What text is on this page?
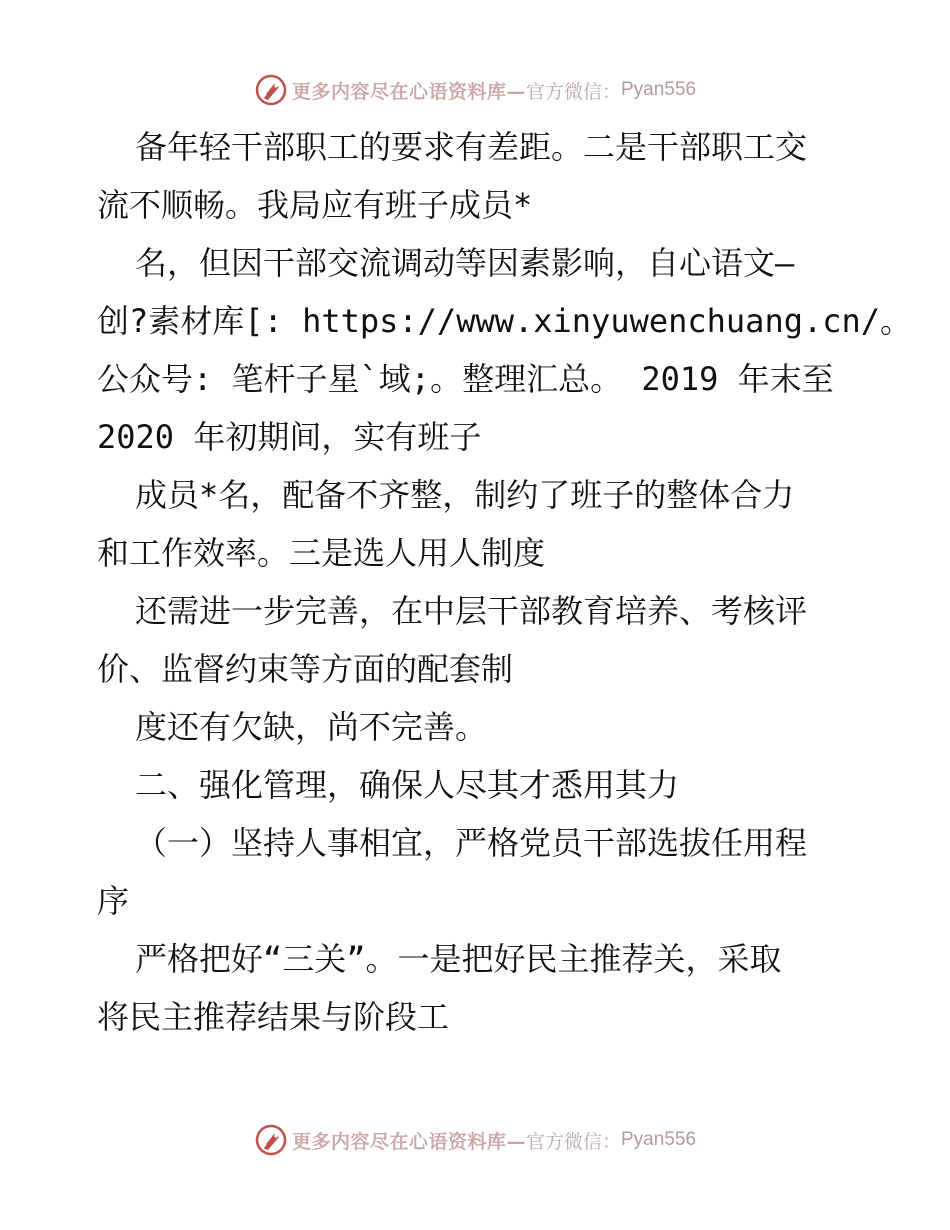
更多内容尽在心语资料库— 官方微信： Pyan556
备年轻干部职工的要求有差距。二是干部职工交
流不顺畅。我局应有班子成员*
名，但因干部交流调动等因素影响，自心语文—
创?素材库[: https://www.xinyuwenchuang.cn/。
公众号: 笔杆子星`域;。整理汇总。 2019 年末至
2020 年初期间，实有班子
成员*名，配备不齐整，制约了班子的整体合力
和工作效率。三是选人用人制度
还需进一步完善，在中层干部教育培养、考核评
价、监督约束等方面的配套制
度还有欠缺，尚不完善。
二、强化管理，确保人尽其才悉用其力
（一）坚持人事相宜，严格党员干部选拔任用程
序
严格把好“三关”。一是把好民主推荐关，采取
将民主推荐结果与阶段工
更多内容尽在心语资料库— 官方微信： Pyan556
